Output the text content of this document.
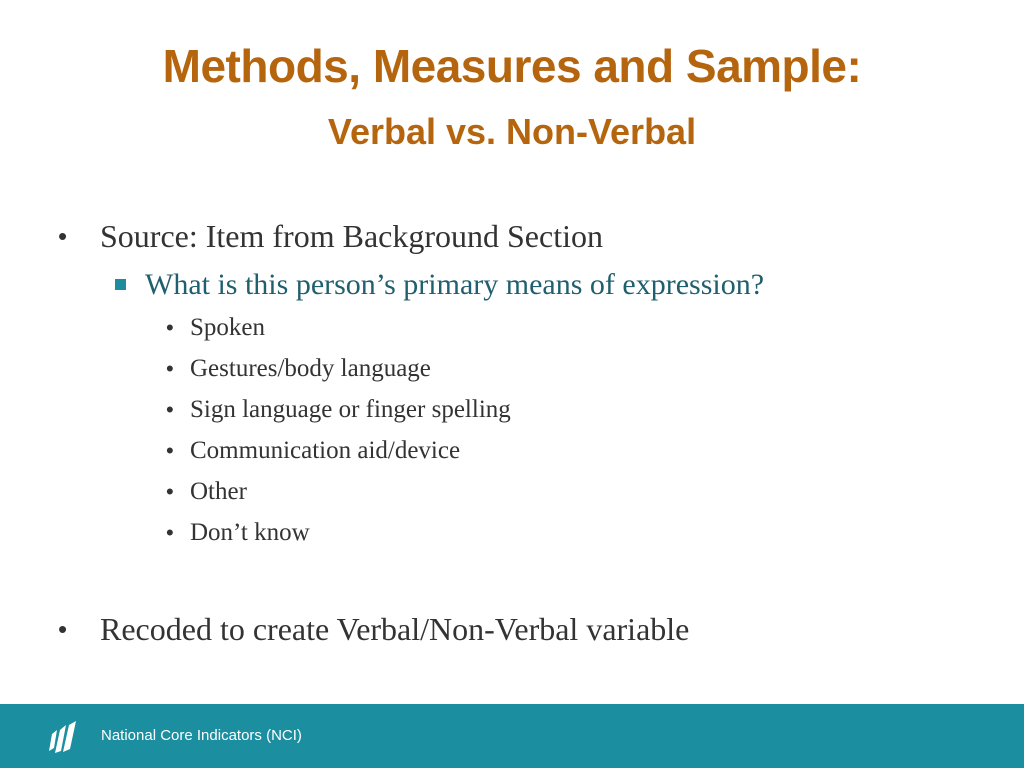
Methods, Measures and Sample:
Verbal vs. Non-Verbal
• Source: Item from Background Section
What is this person’s primary means of expression?
• Spoken
• Gestures/body language
• Sign language or finger spelling
• Communication aid/device
• Other
• Don’t know
• Recoded to create Verbal/Non-Verbal variable
National Core Indicators (NCI)
